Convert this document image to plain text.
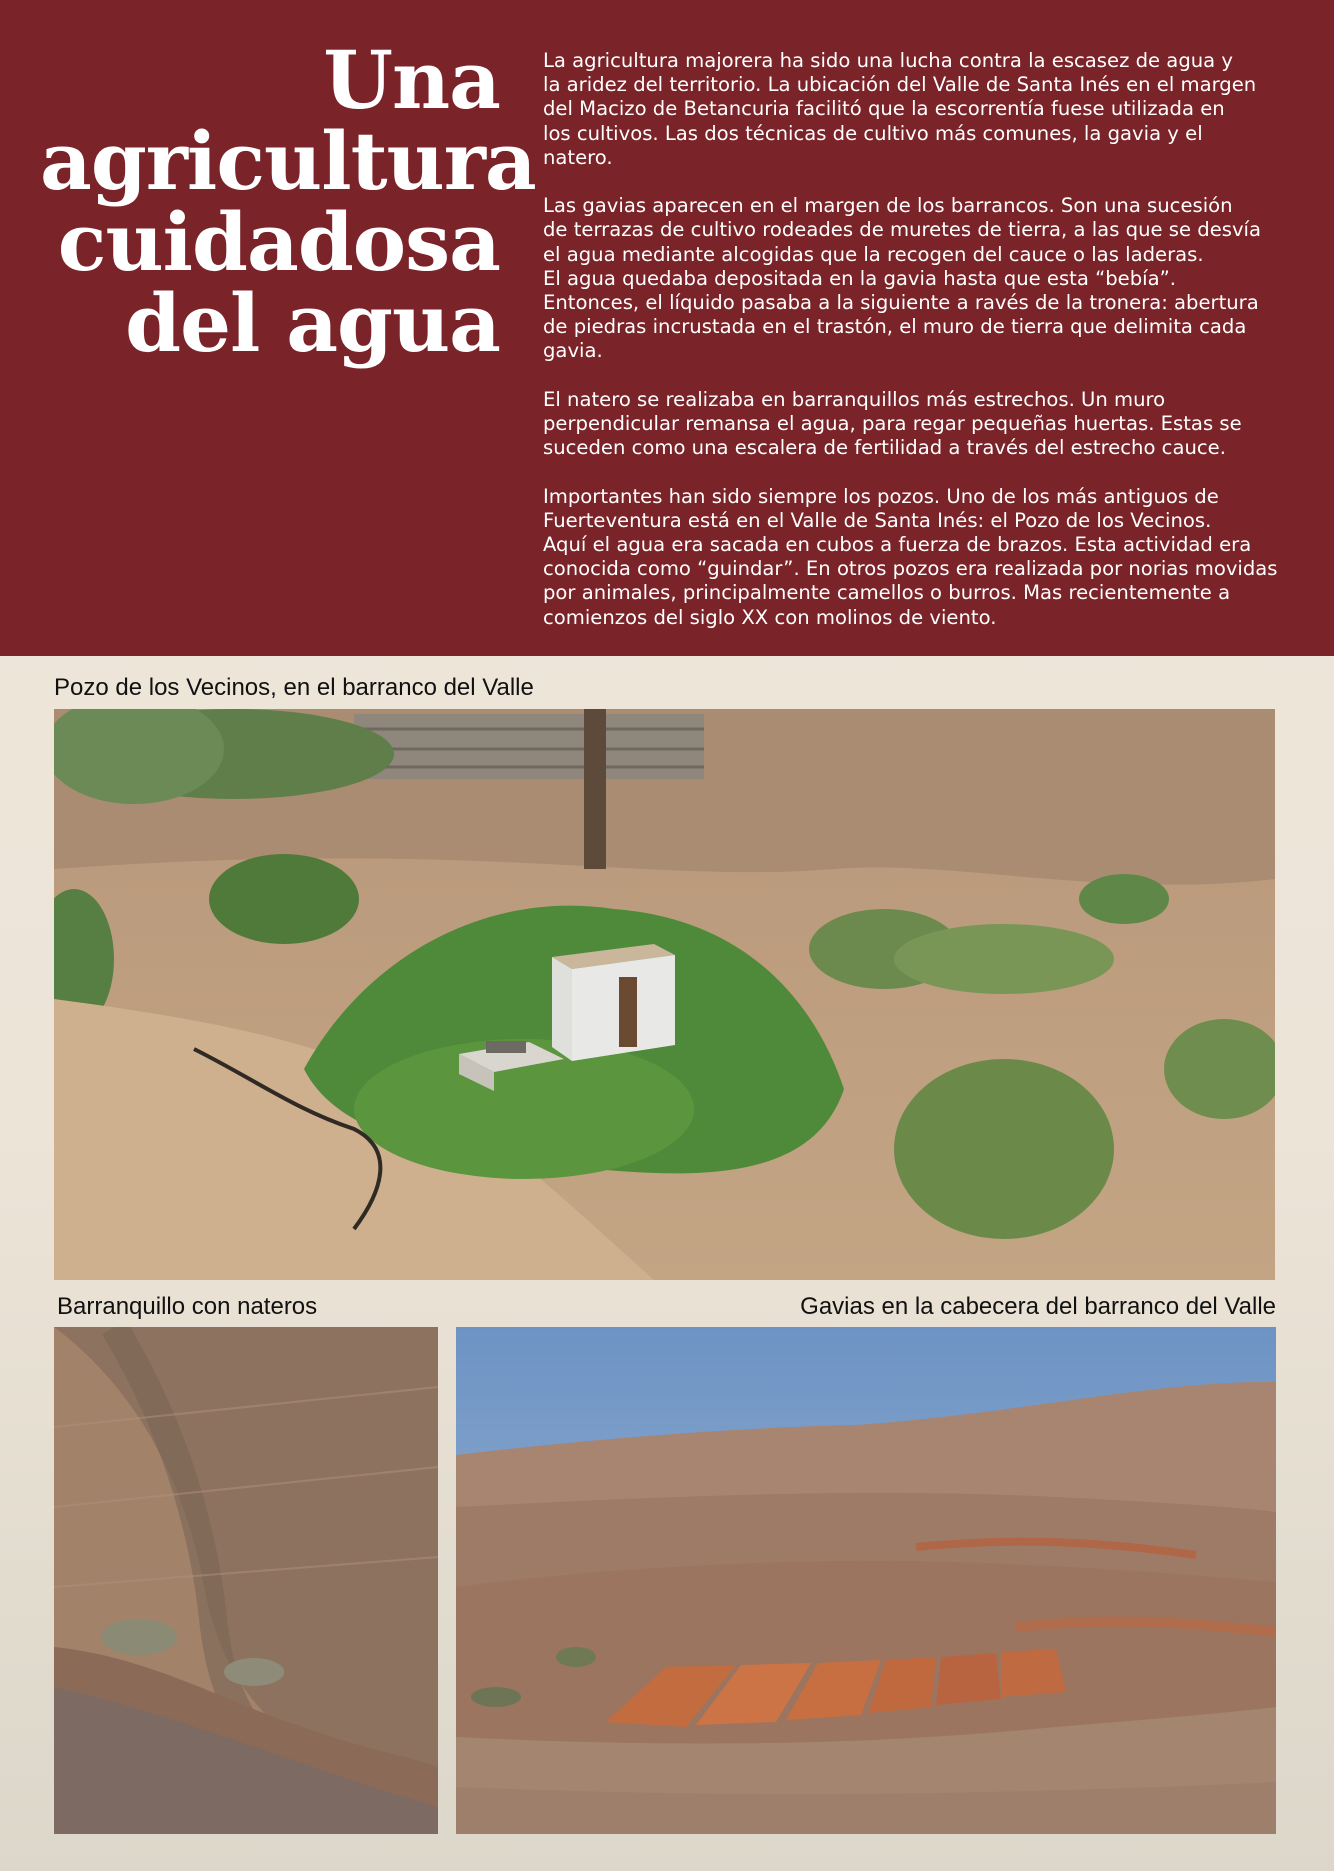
Una
agricultura
cuidadosa
del agua

La agricultura majorera ha sido una lucha contra la escasez de agua y
la aridez del territorio. La ubicación del Valle de Santa Inés en el margen
del Macizo de Betancuria facilitó que la escorrentía fuese utilizada en
los cultivos. Las dos técnicas de cultivo más comunes, la gavia y el
natero.

Las gavias aparecen en el margen de los barrancos. Son una sucesión
de terrazas de cultivo rodeades de muretes de tierra, a las que se desvía
el agua mediante alcogidas que la recogen del cauce o las laderas.
El agua quedaba depositada en la gavia hasta que esta “bebía”.
Entonces, el líquido pasaba a la siguiente a ravés de la tronera: abertura
de piedras incrustada en el trastón, el muro de tierra que delimita cada
gavia.

El natero se realizaba en barranquillos más estrechos. Un muro
perpendicular remansa el agua, para regar pequeñas huertas. Estas se
suceden como una escalera de fertilidad a través del estrecho cauce.

Importantes han sido siempre los pozos. Uno de los más antiguos de
Fuerteventura está en el Valle de Santa Inés: el Pozo de los Vecinos.
Aquí el agua era sacada en cubos a fuerza de brazos. Esta actividad era
conocida como “guindar”. En otros pozos era realizada por norias movidas
por animales, principalmente camellos o burros. Mas recientemente a
comienzos del siglo XX con molinos de viento.

Pozo de los Vecinos, en el barranco del Valle
Barranquillo con nateros	Gavias en la cabecera del barranco del Valle
